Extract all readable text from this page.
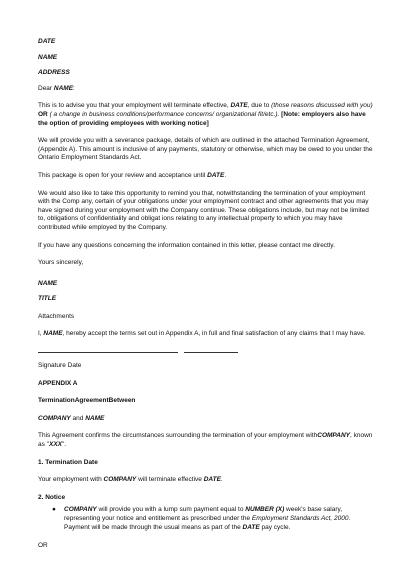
DATE

NAME

ADDRESS

Dear NAME:

This is to advise you that your employment will terminate effective, DATE, due to (those reasons discussed with you) OR ( a change in business conditions/performance concerns/ organizational fit/etc.). [Note: employers also have the option of providing employees with working notice]

We will provide you with a severance package, details of which are outlined in the attached Termination Agreement, (Appendix A). This amount is inclusive of any payments, statutory or otherwise, which may be owed to you under the Ontario Employment Standards Act.

This package is open for your review and acceptance until DATE.

We would also like to take this opportunity to remind you that, notwithstanding the termination of your employment with the Comp any, certain of your obligations under your employment contract and other agreements that you may have signed during your employment with the Company continue. These obligations include, but may not be limited to, obligations of confidentiality and obligat ions relating to any intellectual property to which you may have contributed while employed by the Company.

If you have any questions concerning the information contained in this letter, please contact me directly.

Yours sincerely,

NAME

TITLE

Attachments

I, NAME, hereby accept the terms set out in Appendix A, in full and final satisfaction of any claims that I may have.

Signature Date

APPENDIX A

TerminationAgreementBetween

COMPANY and NAME

This Agreement confirms the circumstances surrounding the termination of your employment withCOMPANY, known as "XXX".

1. Termination Date

Your employment with COMPANY will terminate effective DATE.

2. Notice

● COMPANY will provide you with a lump sum payment equal to NUMBER (X) week's base salary, representing your notice and entitlement as prescribed under the Employment Standards Act, 2000. Payment will be made through the usual means as part of the DATE pay cycle.

OR
